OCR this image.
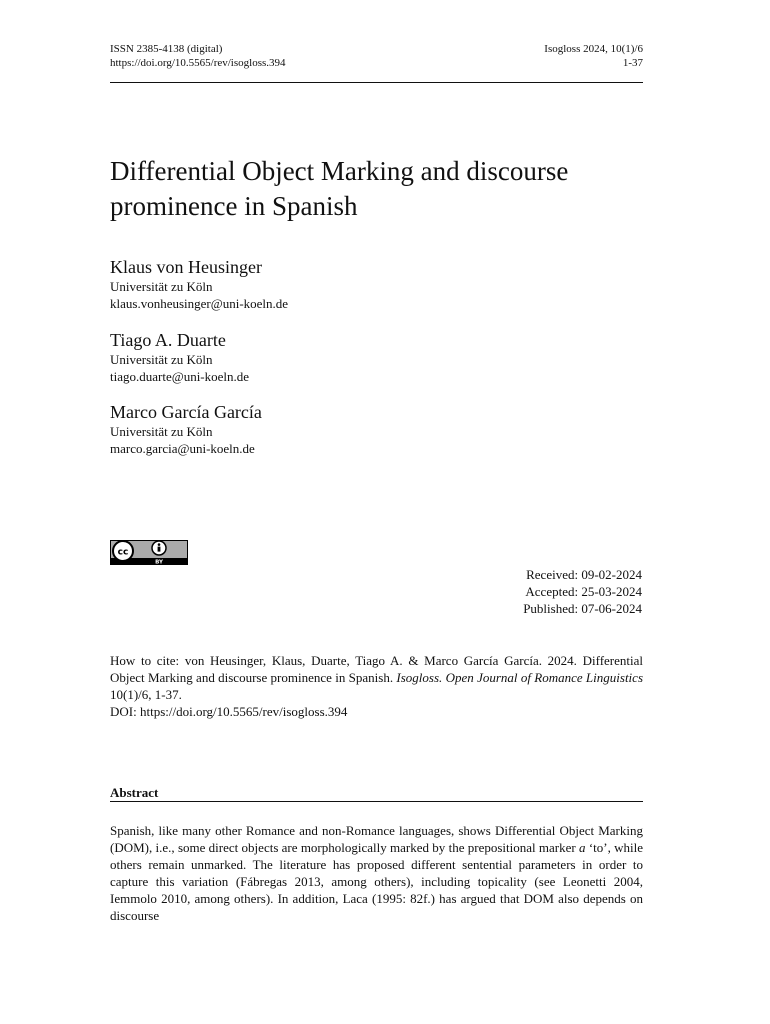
ISSN 2385-4138 (digital)
https://doi.org/10.5565/rev/isogloss.394
Isogloss 2024, 10(1)/6
1-37
Differential Object Marking and discourse
prominence in Spanish
Klaus von Heusinger
Universität zu Köln
klaus.vonheusinger@uni-koeln.de
Tiago A. Duarte
Universität zu Köln
tiago.duarte@uni-koeln.de
Marco García García
Universität zu Köln
marco.garcia@uni-koeln.de
cc
BY
Received: 09-02-2024
Accepted: 25-03-2024
Published: 07-06-2024
How to cite: von Heusinger, Klaus, Duarte, Tiago A. & Marco García García. 2024. Differential Object Marking and discourse prominence in Spanish. Isogloss. Open Journal of Romance Linguistics 10(1)/6, 1-37.
DOI: https://doi.org/10.5565/rev/isogloss.394
Abstract

Spanish, like many other Romance and non-Romance languages, shows Differential Object Marking (DOM), i.e., some direct objects are morphologically marked by the prepositional marker a ‘to’, while others remain unmarked. The literature has proposed different sentential parameters in order to capture this variation (Fábregas 2013, among others), including topicality (see Leonetti 2004, Iemmolo 2010, among others). In addition, Laca (1995: 82f.) has argued that DOM also depends on discourse
